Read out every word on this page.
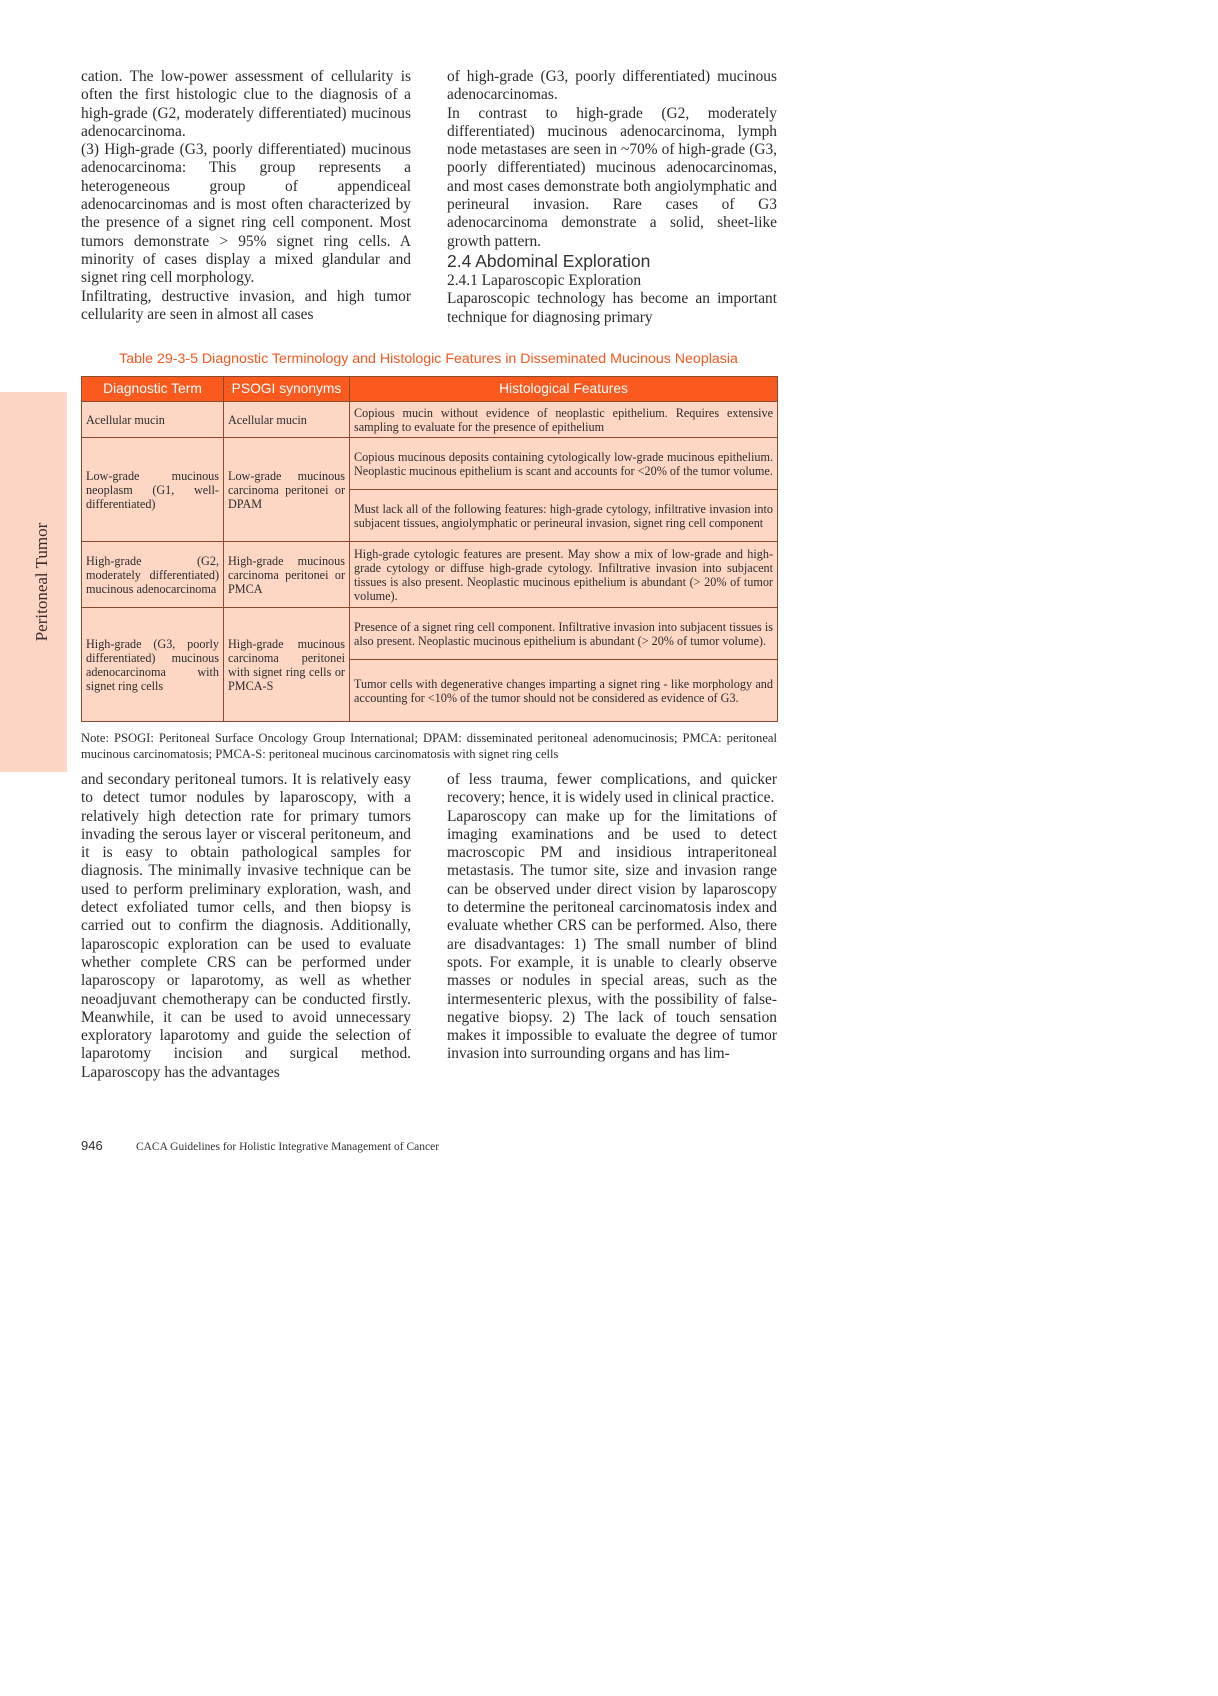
Peritoneal Tumor

cation. The low-power assessment of cellularity is often the first histologic clue to the diagnosis of a high-grade (G2, moderately differentiated) mucinous adenocarcinoma.

(3) High-grade (G3, poorly differentiated) mucinous adenocarcinoma: This group represents a heterogeneous group of appendiceal adenocarcinomas and is most often characterized by the presence of a signet ring cell component. Most tumors demonstrate > 95% signet ring cells. A minority of cases display a mixed glandular and signet ring cell morphology.

Infiltrating, destructive invasion, and high tumor cellularity are seen in almost all cases

of high-grade (G3, poorly differentiated) mucinous adenocarcinomas.

In contrast to high-grade (G2, moderately differentiated) mucinous adenocarcinoma, lymph node metastases are seen in ~70% of high-grade (G3, poorly differentiated) mucinous adenocarcinomas, and most cases demonstrate both angiolymphatic and perineural invasion. Rare cases of G3 adenocarcinoma demonstrate a solid, sheet-like growth pattern.

2.4 Abdominal Exploration
2.4.1 Laparoscopic Exploration

Laparoscopic technology has become an important technique for diagnosing primary

Table 29-3-5 Diagnostic Terminology and Histologic Features in Disseminated Mucinous Neoplasia
Diagnostic Term	PSOGI synonyms	Histological Features
Acellular mucin	Acellular mucin	Copious mucin without evidence of neoplastic epithelium. Requires extensive sampling to evaluate for the presence of epithelium
Low-grade mucinous neoplasm (G1, well-differentiated)	Low-grade mucinous carcinoma peritonei or DPAM	Copious mucinous deposits containing cytologically low-grade mucinous epithelium. Neoplastic mucinous epithelium is scant and accounts for <20% of the tumor volume.
		Must lack all of the following features: high-grade cytology, infiltrative invasion into subjacent tissues, angiolymphatic or perineural invasion, signet ring cell component
High-grade (G2, moderately differentiated) mucinous adenocarcinoma	High-grade mucinous carcinoma peritonei or PMCA	High-grade cytologic features are present. May show a mix of low-grade and high-grade cytology or diffuse high-grade cytology. Infiltrative invasion into subjacent tissues is also present. Neoplastic mucinous epithelium is abundant (> 20% of tumor volume).
High-grade (G3, poorly differentiated) mucinous adenocarcinoma with signet ring cells	High-grade mucinous carcinoma peritonei with signet ring cells or PMCA-S	Presence of a signet ring cell component. Infiltrative invasion into subjacent tissues is also present. Neoplastic mucinous epithelium is abundant (> 20% of tumor volume).
		Tumor cells with degenerative changes imparting a signet ring - like morphology and accounting for <10% of the tumor should not be considered as evidence of G3.
Note: PSOGI: Peritoneal Surface Oncology Group International; DPAM: disseminated peritoneal adenomucinosis; PMCA: peritoneal mucinous carcinomatosis; PMCA-S: peritoneal mucinous carcinomatosis with signet ring cells

and secondary peritoneal tumors. It is relatively easy to detect tumor nodules by laparoscopy, with a relatively high detection rate for primary tumors invading the serous layer or visceral peritoneum, and it is easy to obtain pathological samples for diagnosis. The minimally invasive technique can be used to perform preliminary exploration, wash, and detect exfoliated tumor cells, and then biopsy is carried out to confirm the diagnosis. Additionally, laparoscopic exploration can be used to evaluate whether complete CRS can be performed under laparoscopy or laparotomy, as well as whether neoadjuvant chemotherapy can be conducted firstly. Meanwhile, it can be used to avoid unnecessary exploratory laparotomy and guide the selection of laparotomy incision and surgical method. Laparoscopy has the advantages

of less trauma, fewer complications, and quicker recovery; hence, it is widely used in clinical practice.

Laparoscopy can make up for the limitations of imaging examinations and be used to detect macroscopic PM and insidious intraperitoneal metastasis. The tumor site, size and invasion range can be observed under direct vision by laparoscopy to determine the peritoneal carcinomatosis index and evaluate whether CRS can be performed. Also, there are disadvantages: 1) The small number of blind spots. For example, it is unable to clearly observe masses or nodules in special areas, such as the intermesenteric plexus, with the possibility of false-negative biopsy. 2) The lack of touch sensation makes it impossible to evaluate the degree of tumor invasion into surrounding organs and has lim-

946	CACA Guidelines for Holistic Integrative Management of Cancer
